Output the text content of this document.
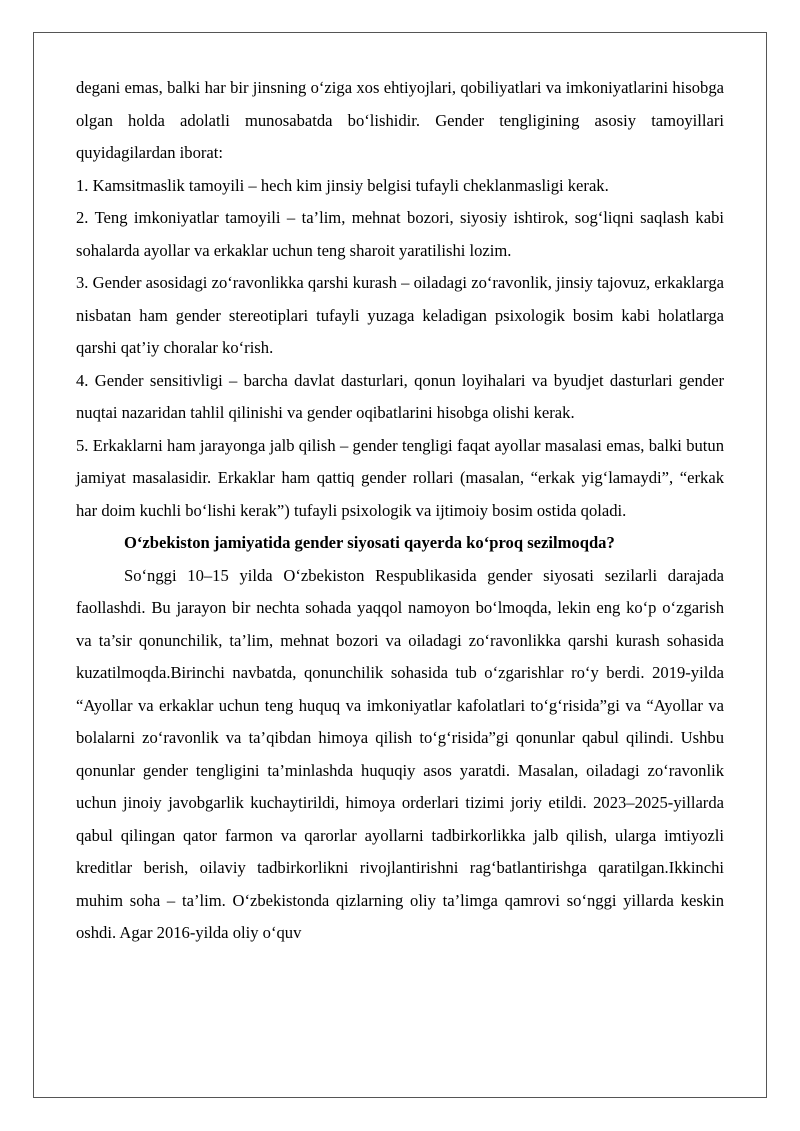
degani emas, balki har bir jinsning o‘ziga xos ehtiyojlari, qobiliyatlari va imkoniyatlarini hisobga olgan holda adolatli munosabatda bo‘lishidir. Gender tengligining asosiy tamoyillari quyidagilardan iborat:

1. Kamsitmaslik tamoyili – hech kim jinsiy belgisi tufayli cheklanmasligi kerak.

2. Teng imkoniyatlar tamoyili – ta’lim, mehnat bozori, siyosiy ishtirok, sog‘liqni saqlash kabi sohalarda ayollar va erkaklar uchun teng sharoit yaratilishi lozim.

3. Gender asosidagi zo‘ravonlikka qarshi kurash – oiladagi zo‘ravonlik, jinsiy tajovuz, erkaklarga nisbatan ham gender stereotiplari tufayli yuzaga keladigan psixologik bosim kabi holatlarga qarshi qat’iy choralar ko‘rish.

4. Gender sensitivligi – barcha davlat dasturlari, qonun loyihalari va byudjet dasturlari gender nuqtai nazaridan tahlil qilinishi va gender oqibatlarini hisobga olishi kerak.

5. Erkaklarni ham jarayonga jalb qilish – gender tengligi faqat ayollar masalasi emas, balki butun jamiyat masalasidir. Erkaklar ham qattiq gender rollari (masalan, “erkak yig‘lamaydi”, “erkak har doim kuchli bo‘lishi kerak”) tufayli psixologik va ijtimoiy bosim ostida qoladi.

O‘zbekiston jamiyatida gender siyosati qayerda ko‘proq sezilmoqda?

So‘nggi 10–15 yilda O‘zbekiston Respublikasida gender siyosati sezilarli darajada faollashdi. Bu jarayon bir nechta sohada yaqqol namoyon bo‘lmoqda, lekin eng ko‘p o‘zgarish va ta’sir qonunchilik, ta’lim, mehnat bozori va oiladagi zo‘ravonlikka qarshi kurash sohasida kuzatilmoqda.Birinchi navbatda, qonunchilik sohasida tub o‘zgarishlar ro‘y berdi. 2019-yilda “Ayollar va erkaklar uchun teng huquq va imkoniyatlar kafolatlari to‘g‘risida”gi va “Ayollar va bolalarni zo‘ravonlik va ta’qibdan himoya qilish to‘g‘risida”gi qonunlar qabul qilindi. Ushbu qonunlar gender tengligini ta’minlashda huquqiy asos yaratdi. Masalan, oiladagi zo‘ravonlik uchun jinoiy javobgarlik kuchaytirildi, himoya orderlari tizimi joriy etildi. 2023–2025-yillarda qabul qilingan qator farmon va qarorlar ayollarni tadbirkorlikka jalb qilish, ularga imtiyozli kreditlar berish, oilaviy tadbirkorlikni rivojlantirishni rag‘batlantirishga qaratilgan.Ikkinchi muhim soha – ta’lim. O‘zbekistonda qizlarning oliy ta’limga qamrovi so‘nggi yillarda keskin oshdi. Agar 2016-yilda oliy o‘quv
